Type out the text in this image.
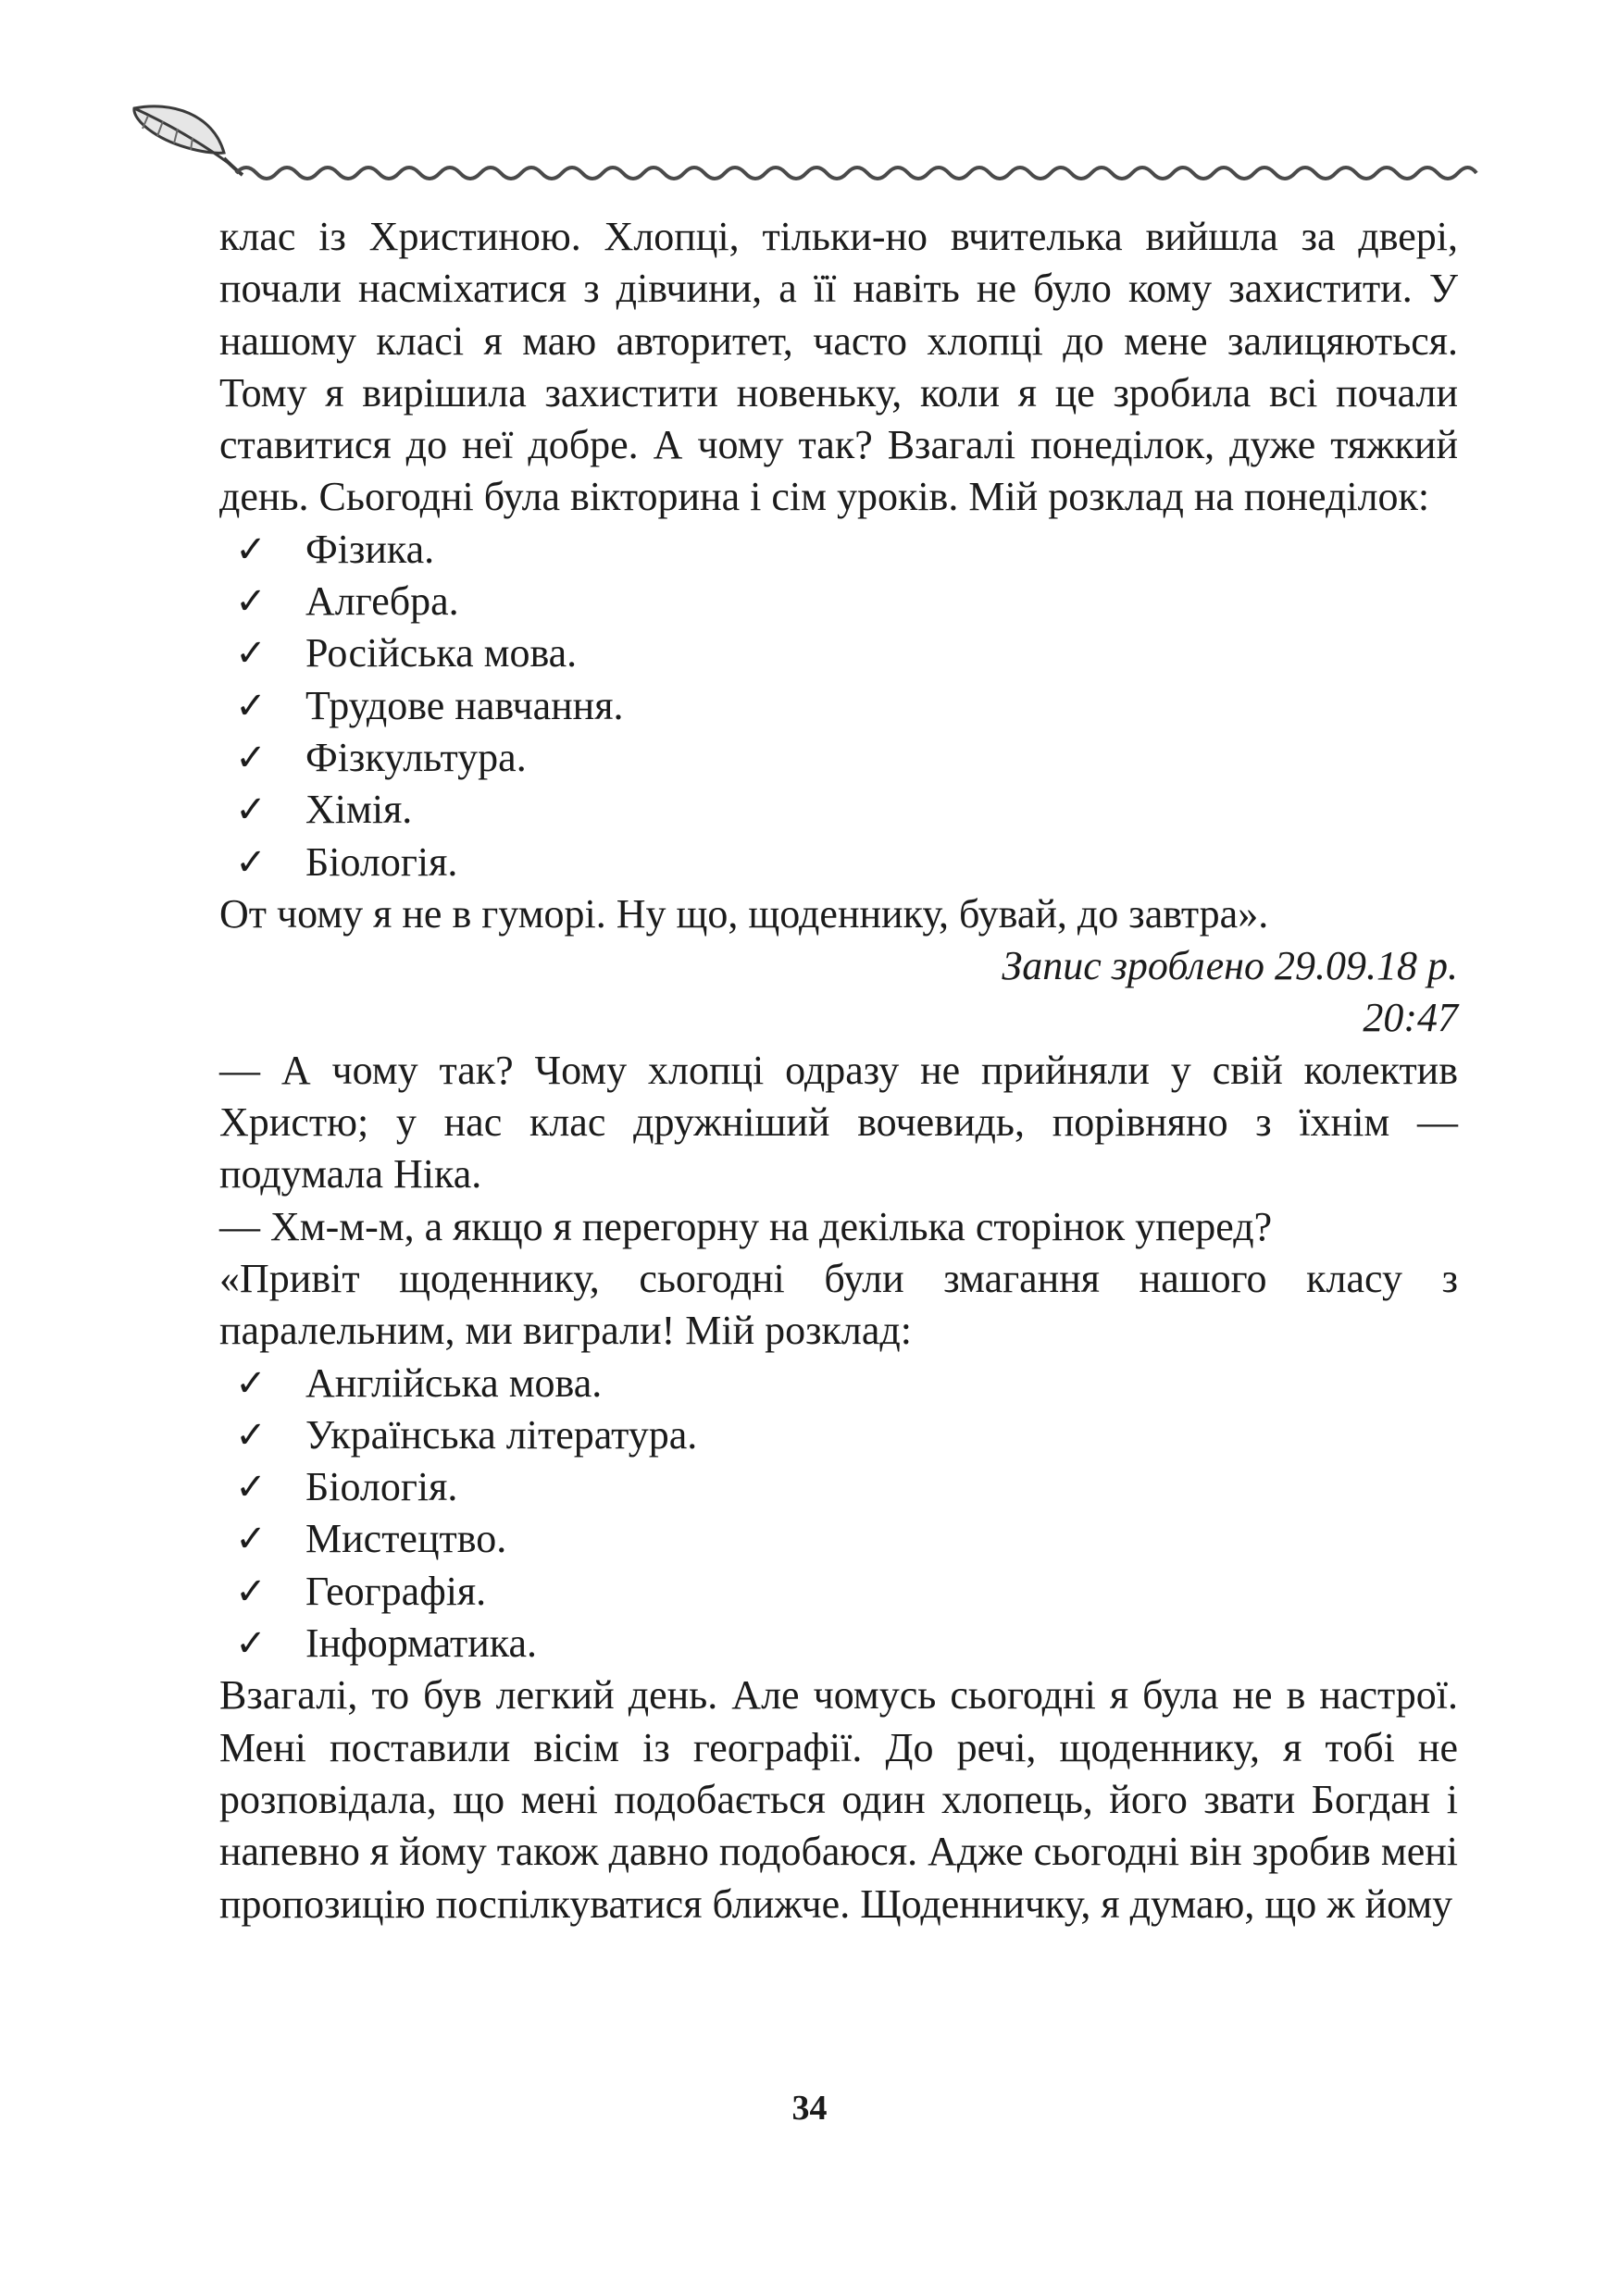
клас із Христиною. Хлопці, тільки-но вчителька вийшла за двері, почали насміхатися з дівчини, а її навіть не було кому захистити. У нашому класі я маю авторитет, часто хлопці до мене залицяються. Тому я вирішила захистити новеньку, коли я це зробила всі почали ставитися до неї добре. А чому так? Взагалі понеділок, дуже тяжкий день. Сьогодні була вікторина і сім уроків. Мій розклад на понеділок:

✓ Фізика.
✓ Алгебра.
✓ Російська мова.
✓ Трудове навчання.
✓ Фізкультура.
✓ Хімія.
✓ Біологія.

От чому я не в гуморі. Ну що, щоденнику, бувай, до завтра».

Запис зроблено 29.09.18 р.
20:47

— А чому так? Чому хлопці одразу не прийняли у свій колектив Христю; у нас клас дружніший вочевидь, порівняно з їхнім — подумала Ніка.

— Хм-м-м, а якщо я перегорну на декілька сторінок уперед?

«Привіт щоденнику, сьогодні були змагання нашого класу з паралельним, ми виграли! Мій розклад:

✓ Англійська мова.
✓ Українська література.
✓ Біологія.
✓ Мистецтво.
✓ Географія.
✓ Інформатика.

Взагалі, то був легкий день. Але чомусь сьогодні я була не в настрої. Мені поставили вісім із географії. До речі, щоденнику, я тобі не розповідала, що мені подобається один хлопець, його звати Богдан і напевно я йому також давно подобаюся. Адже сьогодні він зробив мені пропозицію поспілкуватися ближче. Щоденничку, я думаю, що ж йому

34
